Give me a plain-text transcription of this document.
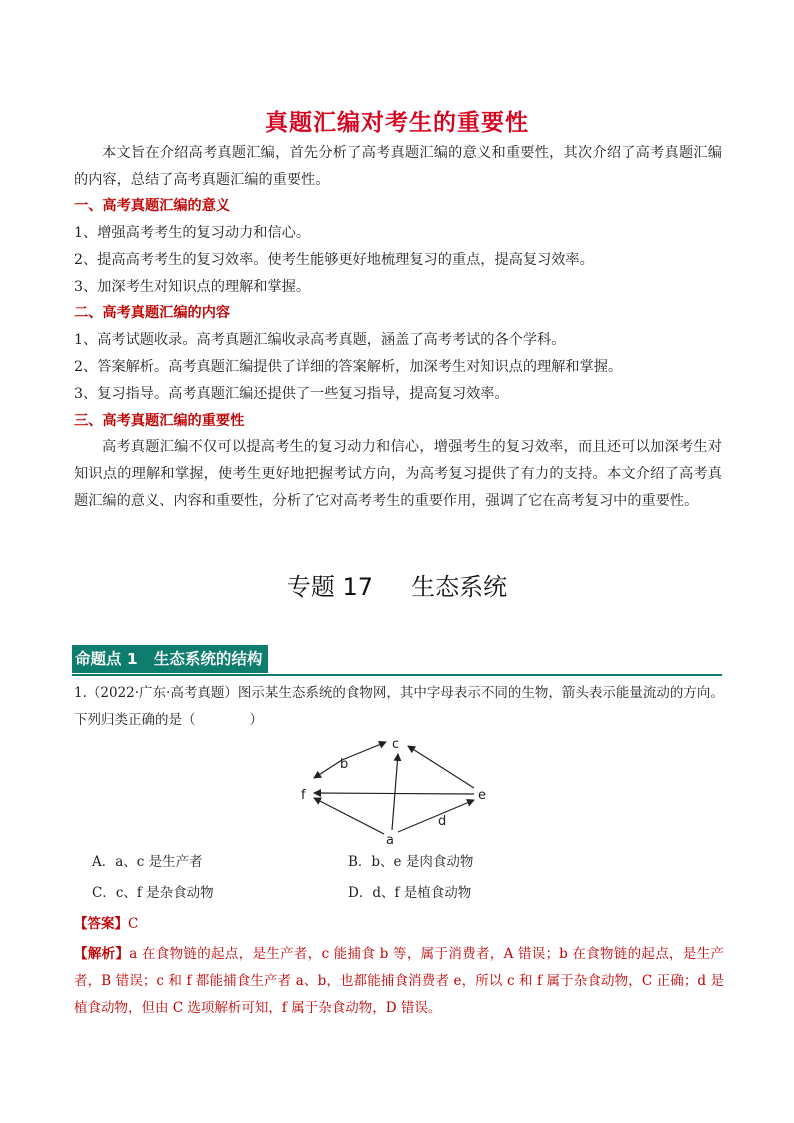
真题汇编对考生的重要性
本文旨在介绍高考真题汇编，首先分析了高考真题汇编的意义和重要性，其次介绍了高考真题汇编的内容，总结了高考真题汇编的重要性。
一、高考真题汇编的意义
1、增强高考考生的复习动力和信心。
2、提高高考考生的复习效率。使考生能够更好地梳理复习的重点，提高复习效率。
3、加深考生对知识点的理解和掌握。
二、高考真题汇编的内容
1、高考试题收录。高考真题汇编收录高考真题，涵盖了高考考试的各个学科。
2、答案解析。高考真题汇编提供了详细的答案解析，加深考生对知识点的理解和掌握。
3、复习指导。高考真题汇编还提供了一些复习指导，提高复习效率。
三、高考真题汇编的重要性
高考真题汇编不仅可以提高考生的复习动力和信心，增强考生的复习效率，而且还可以加深考生对知识点的理解和掌握，使考生更好地把握考试方向，为高考复习提供了有力的支持。本文介绍了高考真题汇编的意义、内容和重要性，分析了它对高考考生的重要作用，强调了它在高考复习中的重要性。
专题 17 生态系统
命题点 1   生态系统的结构
1.（2022·广东·高考真题）图示某生态系统的食物网，其中字母表示不同的生物，箭头表示能量流动的方向。下列归类正确的是（　　　　）
c
b
f	e
d
a
A．a、c 是生产者	B．b、e 是肉食动物
C．c、f 是杂食动物	D．d、f 是植食动物
【答案】C
【解析】a 在食物链的起点，是生产者，c 能捕食 b 等，属于消费者，A 错误；b 在食物链的起点，是生产者，B 错误；c 和 f 都能捕食生产者 a、b，也都能捕食消费者 e，所以 c 和 f 属于杂食动物，C 正确；d 是植食动物，但由 C 选项解析可知，f 属于杂食动物，D 错误。
